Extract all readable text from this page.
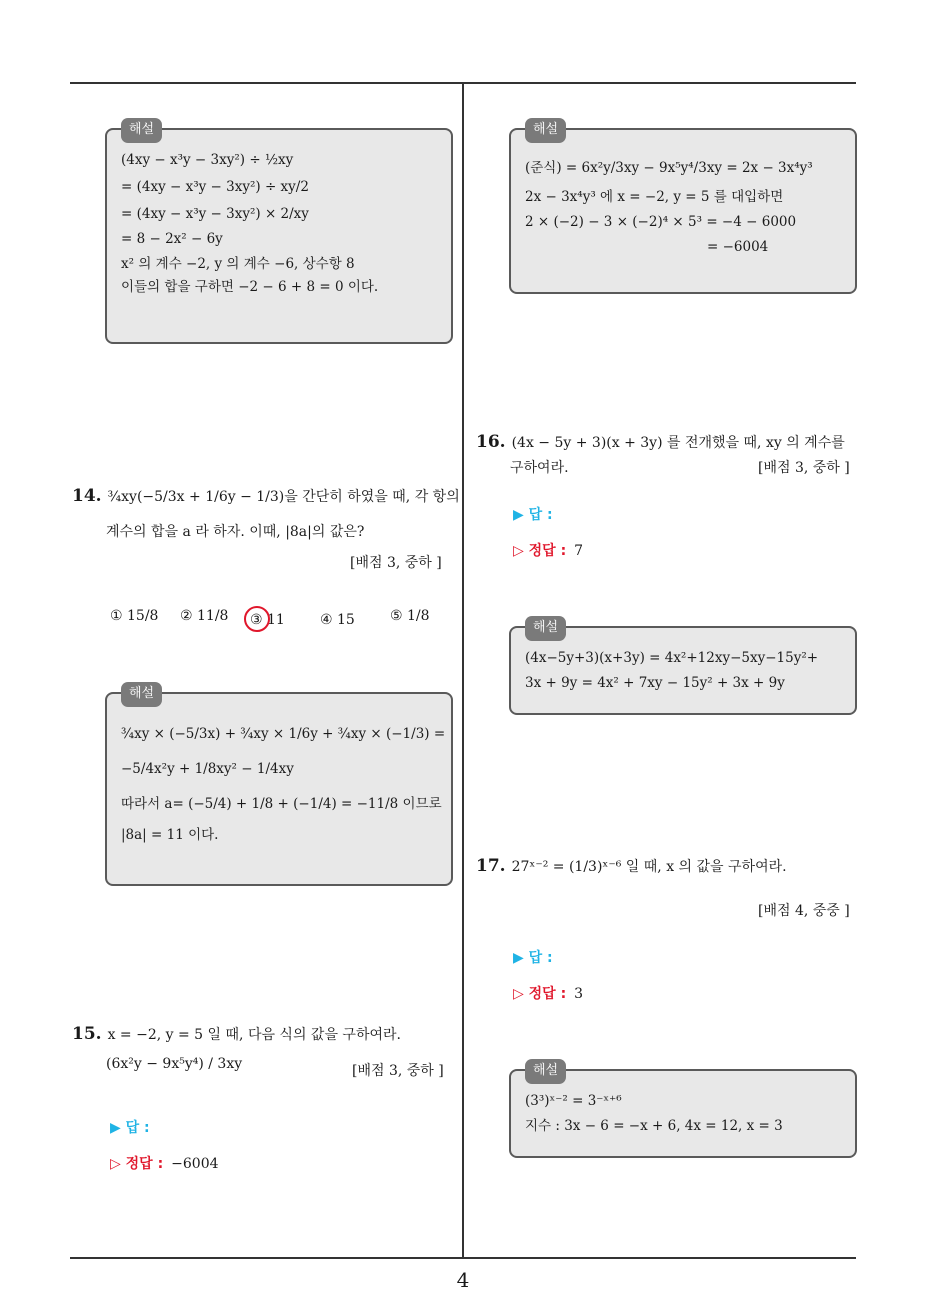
해설
(4xy − x³y − 3xy²) ÷ ½xy
= (4xy − x³y − 3xy²) ÷ xy/2
= (4xy − x³y − 3xy²) × 2/xy
= 8 − 2x² − 6y
x² 의 계수 −2, y 의 계수 −6, 상수항 8
이들의 합을 구하면 −2 − 6 + 8 = 0 이다.
14. ¾xy(−5/3x + 1/6y − 1/3)을 간단히 하였을 때, 각 항의
계수의 합을 a 라 하자. 이때, |8a|의 값은?
[배점 3, 중하 ]
① 15/8 ② 11/8 ③ 11	④ 15	⑤ 1/8
해설
¾xy × (−5/3x) + ¾xy × 1/6y + ¾xy × (−1/3) =
−5/4x²y + 1/8xy² − 1/4xy
따라서 a= (−5/4) + 1/8 + (−1/4) = −11/8 이므로
|8a| = 11 이다.
15. x = −2, y = 5 일 때, 다음 식의 값을 구하여라.
(6x²y − 9x⁵y⁴) / 3xy	[배점 3, 중하 ]
▶ 답 :
▷ 정답 : −6004
해설
(준식) = 6x²y/3xy − 9x⁵y⁴/3xy = 2x − 3x⁴y³
2x − 3x⁴y³ 에 x = −2, y = 5 를 대입하면
2 × (−2) − 3 × (−2)⁴ × 5³ = −4 − 6000
= −6004
16. (4x − 5y + 3)(x + 3y) 를 전개했을 때, xy 의 계수를
구하여라.	[배점 3, 중하 ]
▶ 답 :
▷ 정답 : 7
해설
(4x−5y+3)(x+3y) = 4x²+12xy−5xy−15y²+
3x + 9y = 4x² + 7xy − 15y² + 3x + 9y
17. 27ˣ⁻² = (1/3)ˣ⁻⁶ 일 때, x 의 값을 구하여라.
[배점 4, 중중 ]
▶ 답 :
▷ 정답 : 3
해설
(3³)ˣ⁻² = 3⁻ˣ⁺⁶
지수 : 3x − 6 = −x + 6, 4x = 12, x = 3
4
